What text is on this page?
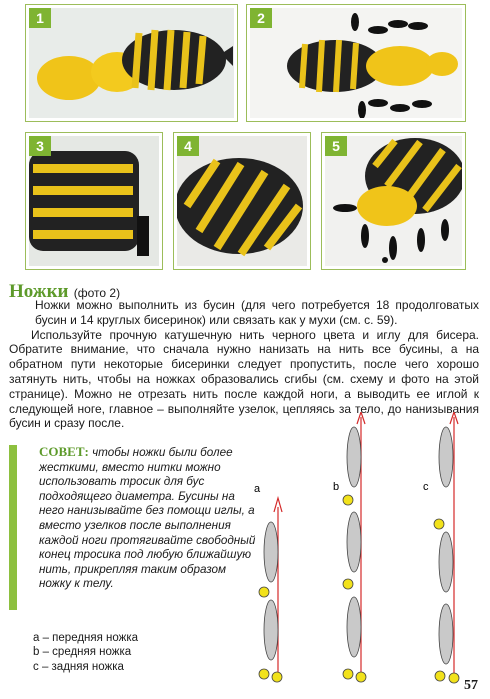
1	2
3	4	5
Ножки (фото 2)

Ножки можно выполнить из бусин (для чего потребуется 18 продолговатых бусин и 14 круглых бисеринок) или связать как у мухи (см. с. 59).

Используйте прочную катушечную нить черного цвета и иглу для бисера. Обратите внимание, что сначала нужно нанизать на нить все бусины, а на обратном пути некоторые бисеринки следует пропустить, после чего хорошо затянуть нить, чтобы на ножках образовались сгибы (см. схему и фото на этой странице). Можно не отрезать нить после каждой ноги, а выводить ее иглой к следующей ноге, главное – выполняйте узелок, цепляясь за тело, до нанизывания бусин и сразу после.

СОВЕТ: чтобы ножки были более жесткими, вместо нитки можно использовать тросик для бус подходящего диаметра. Бусины на него нанизывайте без помощи иглы, а вместо узелков после выполнения каждой ноги протягивайте свободный конец тросика под любую ближайшую нить, прикрепляя таким образом ножку к телу.
a – передняя ножка
b – средняя ножка
c – задняя ножка
a	b	c
57
